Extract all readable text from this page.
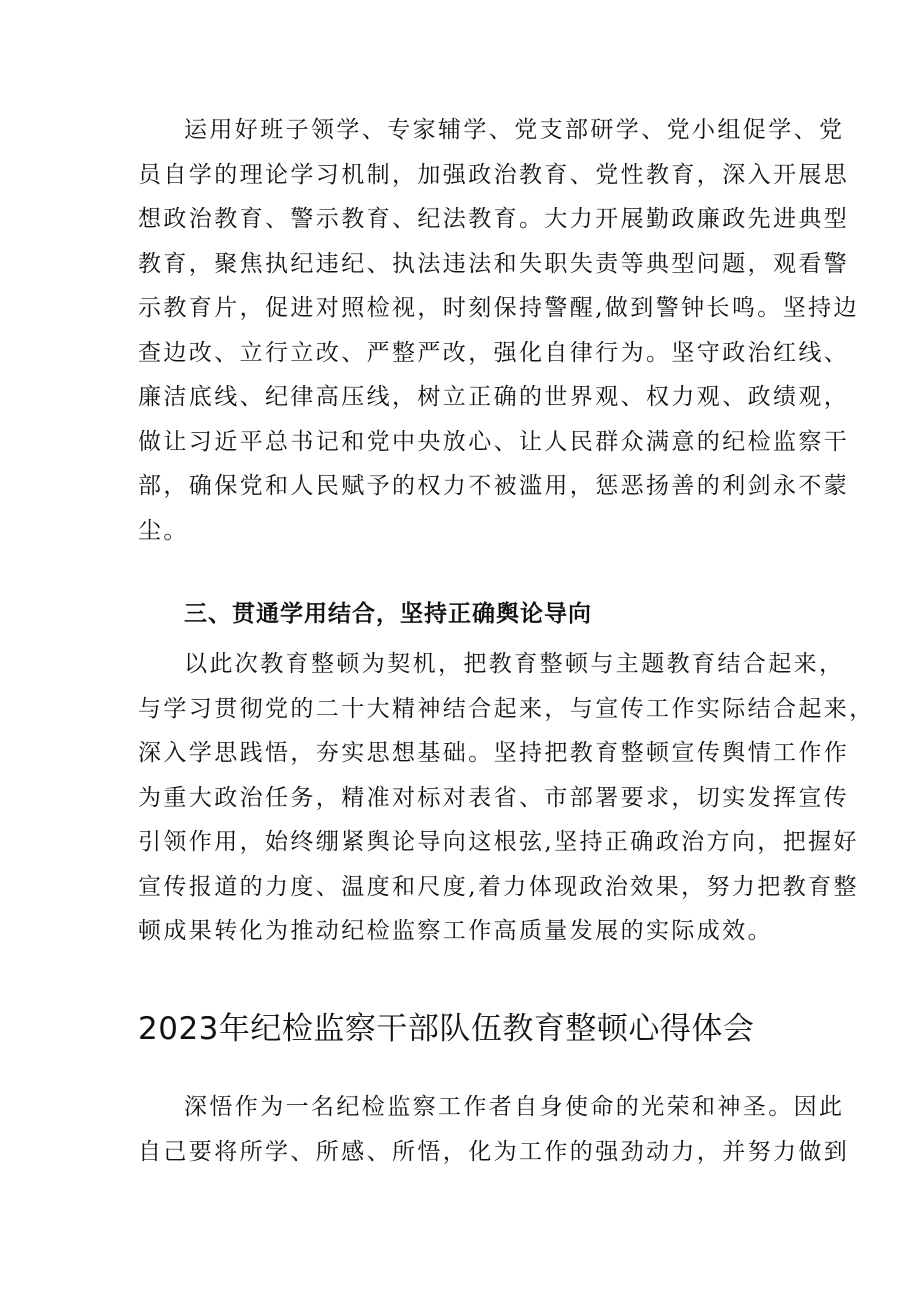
运用好班子领学、专家辅学、党支部研学、党小组促学、党
员自学的理论学习机制，加强政治教育、党性教育，深入开展思
想政治教育、警示教育、纪法教育。大力开展勤政廉政先进典型
教育，聚焦执纪违纪、执法违法和失职失责等典型问题，观看警
示教育片，促进对照检视，时刻保持警醒,做到警钟长鸣。坚持边
查边改、立行立改、严整严改，强化自律行为。坚守政治红线、
廉洁底线、纪律高压线，树立正确的世界观、权力观、政绩观，
做让习近平总书记和党中央放心、让人民群众满意的纪检监察干
部，确保党和人民赋予的权力不被滥用，惩恶扬善的利剑永不蒙
尘。

三、贯通学用结合，坚持正确舆论导向

以此次教育整顿为契机，把教育整顿与主题教育结合起来，
与学习贯彻党的二十大精神结合起来，与宣传工作实际结合起来，
深入学思践悟，夯实思想基础。坚持把教育整顿宣传舆情工作作
为重大政治任务，精准对标对表省、市部署要求，切实发挥宣传
引领作用，始终绷紧舆论导向这根弦,坚持正确政治方向，把握好
宣传报道的力度、温度和尺度,着力体现政治效果，努力把教育整
顿成果转化为推动纪检监察工作高质量发展的实际成效。

2023年纪检监察干部队伍教育整顿心得体会

深悟作为一名纪检监察工作者自身使命的光荣和神圣。因此
自己要将所学、所感、所悟，化为工作的强劲动力，并努力做到
